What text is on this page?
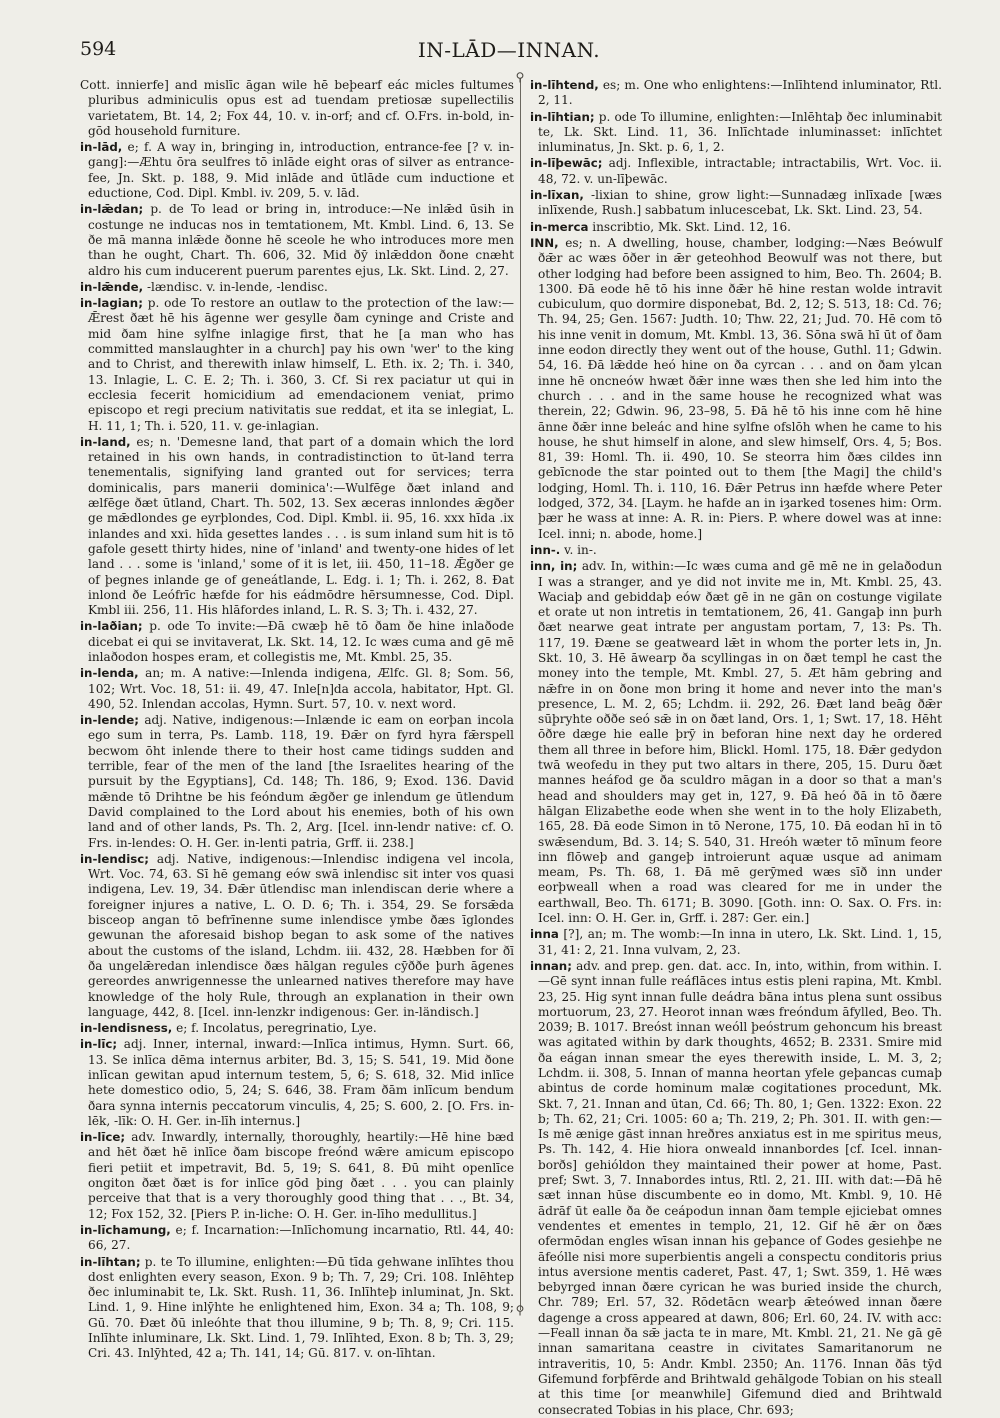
594	IN-LĀD—INNAN.

Cott. innierfe] and mislīc āgan wile hē beþearf eác micles fultumes pluribus adminiculis opus est ad tuendam pretiosæ supellectilis varietatem, Bt. 14, 2; Fox 44, 10. v. in-orf; and cf. O.Frs. in-bold, in-gōd household furniture.

in-lād, e; f. A way in, bringing in, introduction, entrance-fee [? v. in-gang]:—Æhtu ōra seulfres tō inlāde eight oras of silver as entrance-fee, Jn. Skt. p. 188, 9. Mid inlāde and ūtlāde cum inductione et eductione, Cod. Dipl. Kmbl. iv. 209, 5. v. lād.

in-lǣdan; p. de To lead or bring in, introduce:—Ne inlǣd ūsih in costunge ne inducas nos in temtationem, Mt. Kmbl. Lind. 6, 13. Se ðe mā manna inlǣde ðonne hē sceole he who introduces more men than he ought, Chart. Th. 606, 32. Mid ðȳ inlǣddon ðone cnæht aldro his cum inducerent puerum parentes ejus, Lk. Skt. Lind. 2, 27.

in-lǣnde, -lændisc. v. in-lende, -lendisc.

in-lagian; p. ode To restore an outlaw to the protection of the law:—Ǣrest ðæt hē his āgenne wer gesylle ðam cyninge and Criste and mid ðam hine sylfne inlagige first, that he [a man who has committed manslaughter in a church] pay his own 'wer' to the king and to Christ, and therewith inlaw himself, L. Eth. ix. 2; Th. i. 340, 13. Inlagie, L. C. E. 2; Th. i. 360, 3. Cf. Si rex paciatur ut qui in ecclesia fecerit homicidium ad emendacionem veniat, primo episcopo et regi precium nativitatis sue reddat, et ita se inlegiat, L. H. 11, 1; Th. i. 520, 11. v. ge-inlagian.

in-land, es; n. 'Demesne land, that part of a domain which the lord retained in his own hands, in contradistinction to ūt-land terra tenementalis, signifying land granted out for services; terra dominicalis, pars manerii dominica':—Wulfēge ðæt inland and ælfēge ðæt ūtland, Chart. Th. 502, 13. Sex æceras innlondes ǣgðer ge mǣdlondes ge eyrþlondes, Cod. Dipl. Kmbl. ii. 95, 16. xxx hīda .ix inlandes and xxi. hīda gesettes landes . . . is sum inland sum hit is tō gafole gesett thirty hides, nine of 'inland' and twenty-one hides of let land . . . some is 'inland,' some of it is let, iii. 450, 11–18. Ǣgðer ge of þegnes inlande ge of geneátlande, L. Edg. i. 1; Th. i. 262, 8. Ðat inlond ðe Leófrīc hæfde for his eádmōdre hērsumnesse, Cod. Dipl. Kmbl iii. 256, 11. His hlāfordes inland, L. R. S. 3; Th. i. 432, 27.

in-laðian; p. ode To invite:—Ðā cwæþ hē tō ðam ðe hine inlaðode dicebat ei qui se invitaverat, Lk. Skt. 14, 12. Ic wæs cuma and gē mē inlaðodon hospes eram, et collegistis me, Mt. Kmbl. 25, 35.

in-lenda, an; m. A native:—Inlenda indigena, Ælfc. Gl. 8; Som. 56, 102; Wrt. Voc. 18, 51: ii. 49, 47. Inle[n]da accola, habitator, Hpt. Gl. 490, 52. Inlendan accolas, Hymn. Surt. 57, 10. v. next word.

in-lende; adj. Native, indigenous:—Inlænde ic eam on eorþan incola ego sum in terra, Ps. Lamb. 118, 19. Ðǣr on fyrd hyra fǣrspell becwom ōht inlende there to their host came tidings sudden and terrible, fear of the men of the land [the Israelites hearing of the pursuit by the Egyptians], Cd. 148; Th. 186, 9; Exod. 136. David mǣnde tō Drihtne be his feóndum ǣgðer ge inlendum ge ūtlendum David complained to the Lord about his enemies, both of his own land and of other lands, Ps. Th. 2, Arg. [Icel. inn-lendr native: cf. O. Frs. in-lendes: O. H. Ger. in-lenti patria, Grff. ii. 238.]

in-lendisc; adj. Native, indigenous:—Inlendisc indigena vel incola, Wrt. Voc. 74, 63. Sī hē gemang eów swā inlendisc sit inter vos quasi indigena, Lev. 19, 34. Ðǣr ūtlendisc man inlendiscan derie where a foreigner injures a native, L. O. D. 6; Th. i. 354, 29. Se forsǣda bisceop angan tō befrīnenne sume inlendisce ymbe ðæs īglondes gewunan the aforesaid bishop began to ask some of the natives about the customs of the island, Lchdm. iii. 432, 28. Hæbben for ðī ða ungelǣredan inlendisce ðæs hālgan regules cȳððe þurh āgenes gereordes anwrigennesse the unlearned natives therefore may have knowledge of the holy Rule, through an explanation in their own language, 442, 8. [Icel. inn-lenzkr indigenous: Ger. in-ländisch.]

in-lendisness, e; f. Incolatus, peregrinatio, Lye.

in-līc; adj. Inner, internal, inward:—Inlīca intimus, Hymn. Surt. 66, 13. Se inlīca dēma internus arbiter, Bd. 3, 15; S. 541, 19. Mid ðone inlīcan gewitan apud internum testem, 5, 6; S. 618, 32. Mid inlīce hete domestico odio, 5, 24; S. 646, 38. Fram ðām inlīcum bendum ðara synna internis peccatorum vinculis, 4, 25; S. 600, 2. [O. Frs. in-lēk, -līk: O. H. Ger. in-līh internus.]

in-līce; adv. Inwardly, internally, thoroughly, heartily:—Hē hine bæd and hēt ðæt hē inlīce ðam biscope freónd wǣre amicum episcopo fieri petiit et impetravit, Bd. 5, 19; S. 641, 8. Ðū miht openlīce ongiton ðæt ðæt is for inlīce gōd þing ðæt . . . you can plainly perceive that that is a very thoroughly good thing that . . ., Bt. 34, 12; Fox 152, 32. [Piers P. in-liche: O. H. Ger. in-līho medullitus.]

in-līchamung, e; f. Incarnation:—Inlīchomung incarnatio, Rtl. 44, 40: 66, 27.

in-līhtan; p. te To illumine, enlighten:—Ðū tīda gehwane inlīhtes thou dost enlighten every season, Exon. 9 b; Th. 7, 29; Cri. 108. Inlēhtep ðec inluminabit te, Lk. Skt. Rush. 11, 36. Inlīhteþ inluminat, Jn. Skt. Lind. 1, 9. Hine inlȳhte he enlightened him, Exon. 34 a; Th. 108, 9; Gū. 70. Ðæt ðū inleóhte that thou illumine, 9 b; Th. 8, 9; Cri. 115. Inlīhte inluminare, Lk. Skt. Lind. 1, 79. Inlīhted, Exon. 8 b; Th. 3, 29; Cri. 43. Inlȳhted, 42 a; Th. 141, 14; Gū. 817. v. on-līhtan.

⚲
⚲

in-līhtend, es; m. One who enlightens:—Inlīhtend inluminator, Rtl. 2, 11.

in-līhtian; p. ode To illumine, enlighten:—Inlēhtaþ ðec inluminabit te, Lk. Skt. Lind. 11, 36. Inlīchtade inluminasset: inlīchtet inluminatus, Jn. Skt. p. 6, 1, 2.

in-līþewāc; adj. Inflexible, intractable; intractabilis, Wrt. Voc. ii. 48, 72. v. un-līþewāc.

in-līxan, -lixian to shine, grow light:—Sunnadæg inlīxade [wæs inlīxende, Rush.] sabbatum inlucescebat, Lk. Skt. Lind. 23, 54.

in-merca inscribtio, Mk. Skt. Lind. 12, 16.

INN, es; n. A dwelling, house, chamber, lodging:—Næs Beówulf ðǣr ac wæs ōðer in ǣr geteohhod Beowulf was not there, but other lodging had before been assigned to him, Beo. Th. 2604; B. 1300. Ðā eode hē tō his inne ðǣr hē hine restan wolde intravit cubiculum, quo dormire disponebat, Bd. 2, 12; S. 513, 18: Cd. 76; Th. 94, 25; Gen. 1567: Judth. 10; Thw. 22, 21; Jud. 70. Hē com tō his inne venit in domum, Mt. Kmbl. 13, 36. Sōna swā hī ūt of ðam inne eodon directly they went out of the house, Guthl. 11; Gdwin. 54, 16. Ðā lǣdde heó hine on ða cyrcan . . . and on ðam ylcan inne hē oncneów hwæt ðǣr inne wæs then she led him into the church . . . and in the same house he recognized what was therein, 22; Gdwin. 96, 23–98, 5. Ðā hē tō his inne com hē hine ānne ðǣr inne beleác and hine sylfne ofslōh when he came to his house, he shut himself in alone, and slew himself, Ors. 4, 5; Bos. 81, 39: Homl. Th. ii. 490, 10. Se steorra him ðæs cildes inn gebīcnode the star pointed out to them [the Magi] the child's lodging, Homl. Th. i. 110, 16. Ðǣr Petrus inn hæfde where Peter lodged, 372, 34. [Laym. he hafde an in iȝarked tosenes him: Orm. þær he wass at inne: A. R. in: Piers. P. where dowel was at inne: Icel. inni; n. abode, home.]

inn-. v. in-.

inn, in; adv. In, within:—Ic wæs cuma and gē mē ne in gelaðodun I was a stranger, and ye did not invite me in, Mt. Kmbl. 25, 43. Waciaþ and gebiddaþ eów ðæt gē in ne gān on costunge vigilate et orate ut non intretis in temtationem, 26, 41. Gangaþ inn þurh ðæt nearwe geat intrate per angustam portam, 7, 13: Ps. Th. 117, 19. Ðæne se geatweard lǣt in whom the porter lets in, Jn. Skt. 10, 3. Hē āwearp ða scyllingas in on ðæt templ he cast the money into the temple, Mt. Kmbl. 27, 5. Æt hām gebring and nǣfre in on ðone mon bring it home and never into the man's presence, L. M. 2, 65; Lchdm. ii. 292, 26. Ðæt land beāg ðǣr sūþryhte oððe seó sǣ in on ðæt land, Ors. 1, 1; Swt. 17, 18. Hēht ōðre dæge hie ealle þrȳ in beforan hine next day he ordered them all three in before him, Blickl. Homl. 175, 18. Ðǣr gedydon twā weofedu in they put two altars in there, 205, 15. Duru ðæt mannes heáfod ge ða sculdro māgan in a door so that a man's head and shoulders may get in, 127, 9. Ðā heó ðā in tō ðære hālgan Elizabethe eode when she went in to the holy Elizabeth, 165, 28. Ðā eode Simon in tō Nerone, 175, 10. Ðā eodan hī in tō swǣsendum, Bd. 3. 14; S. 540, 31. Hreóh wæter tō mīnum feore inn flōweþ and gangeþ introierunt aquæ usque ad animam meam, Ps. Th. 68, 1. Ðā mē gerȳmed wæs sīð inn under eorþweall when a road was cleared for me in under the earthwall, Beo. Th. 6171; B. 3090. [Goth. inn: O. Sax. O. Frs. in: Icel. inn: O. H. Ger. in, Grff. i. 287: Ger. ein.]

inna [?], an; m. The womb:—In inna in utero, Lk. Skt. Lind. 1, 15, 31, 41: 2, 21. Inna vulvam, 2, 23.

innan; adv. and prep. gen. dat. acc. In, into, within, from within. I.—Gē synt innan fulle reáflāces intus estis pleni rapina, Mt. Kmbl. 23, 25. Hig synt innan fulle deádra bāna intus plena sunt ossibus mortuorum, 23, 27. Heorot innan wæs freóndum āfylled, Beo. Th. 2039; B. 1017. Breóst innan weóll þeóstrum gehoncum his breast was agitated within by dark thoughts, 4652; B. 2331. Smire mid ða eágan innan smear the eyes therewith inside, L. M. 3, 2; Lchdm. ii. 308, 5. Innan of manna heortan yfele geþancas cumaþ abintus de corde hominum malæ cogitationes procedunt, Mk. Skt. 7, 21. Innan and ūtan, Cd. 66; Th. 80, 1; Gen. 1322: Exon. 22 b; Th. 62, 21; Cri. 1005: 60 a; Th. 219, 2; Ph. 301. II. with gen:—Is mē ænige gāst innan hreðres anxiatus est in me spiritus meus, Ps. Th. 142, 4. Hie hiora onweald innanbordes [cf. Icel. innan-borðs] gehióldon they maintained their power at home, Past. pref; Swt. 3, 7. Innabordes intus, Rtl. 2, 21. III. with dat:—Ðā hē sæt innan hūse discumbente eo in domo, Mt. Kmbl. 9, 10. Hē ādrāf ūt ealle ða ðe ceápodun innan ðam temple ejiciebat omnes vendentes et ementes in templo, 21, 12. Gif hē ǣr on ðæs ofermōdan engles wīsan innan his geþance of Godes gesiehþe ne āfeólle nisi more superbientis angeli a conspectu conditoris prius intus aversione mentis caderet, Past. 47, 1; Swt. 359, 1. Hē wæs bebyrged innan ðære cyrican he was buried inside the church, Chr. 789; Erl. 57, 32. Rōdetācn wearþ ǣteówed innan ðære dagenge a cross appeared at dawn, 806; Erl. 60, 24. IV. with acc:—Feall innan ða sǣ jacta te in mare, Mt. Kmbl. 21, 21. Ne gā gē innan samaritana ceastre in civitates Samaritanorum ne intraveritis, 10, 5: Andr. Kmbl. 2350; An. 1176. Innan ðās tȳd Gifemund forþfērde and Brihtwald gehālgode Tobian on his steall at this time [or meanwhile] Gifemund died and Brihtwald consecrated Tobias in his place, Chr. 693;
